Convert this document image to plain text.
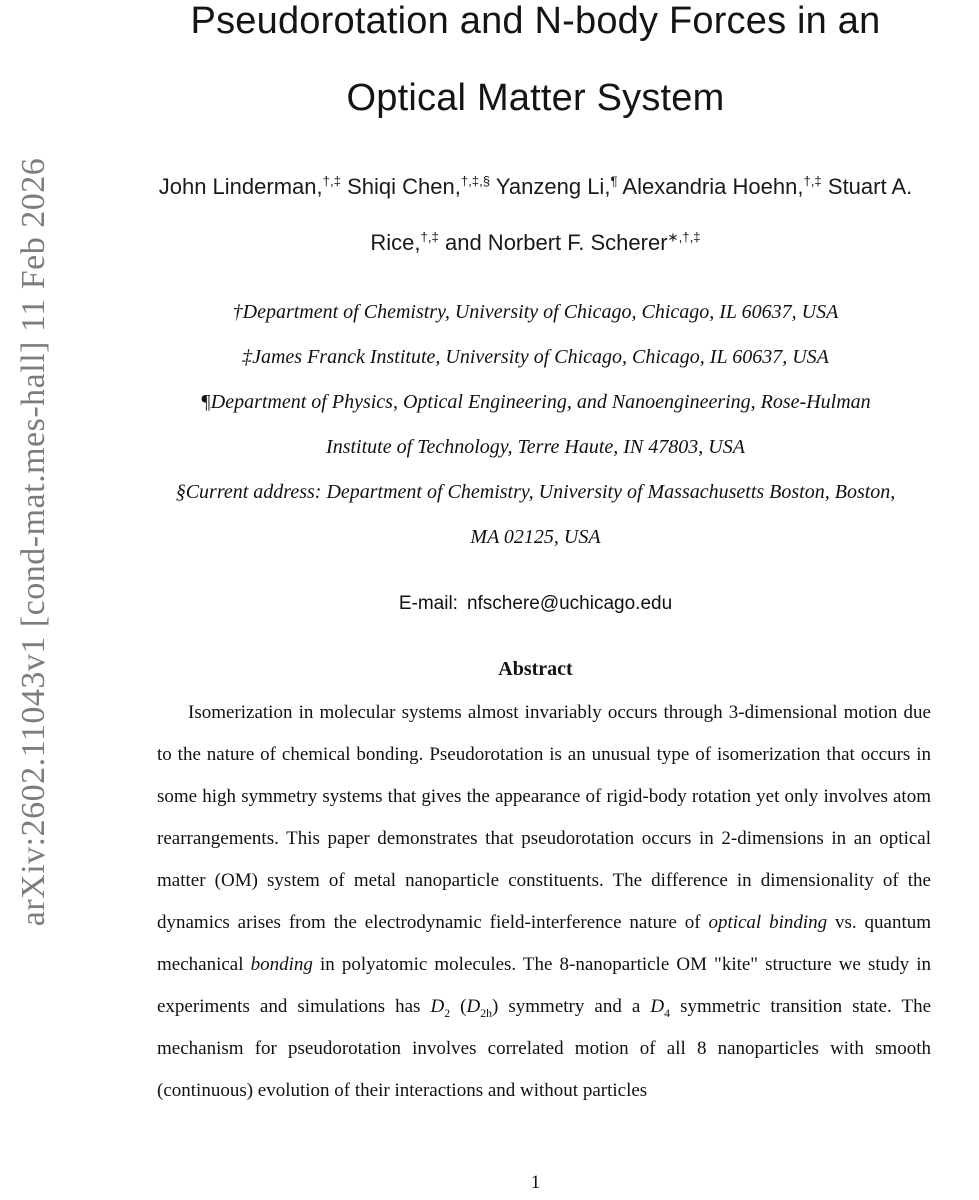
arXiv:2602.11043v1 [cond-mat.mes-hall] 11 Feb 2026
Pseudorotation and N-body Forces in an
Optical Matter System
John Linderman,†,‡ Shiqi Chen,†,‡,§ Yanzeng Li,¶ Alexandria Hoehn,†,‡ Stuart A.
Rice,†,‡ and Norbert F. Scherer∗,†,‡
†Department of Chemistry, University of Chicago, Chicago, IL 60637, USA
‡James Franck Institute, University of Chicago, Chicago, IL 60637, USA
¶Department of Physics, Optical Engineering, and Nanoengineering, Rose-Hulman
Institute of Technology, Terre Haute, IN 47803, USA
§Current address: Department of Chemistry, University of Massachusetts Boston, Boston,
MA 02125, USA
E-mail: nfschere@uchicago.edu
Abstract

Isomerization in molecular systems almost invariably occurs through 3-dimensional motion due to the nature of chemical bonding. Pseudorotation is an unusual type of isomerization that occurs in some high symmetry systems that gives the appearance of rigid-body rotation yet only involves atom rearrangements. This paper demonstrates that pseudorotation occurs in 2-dimensions in an optical matter (OM) system of metal nanoparticle constituents. The difference in dimensionality of the dynamics arises from the electrodynamic field-interference nature of optical binding vs. quantum mechanical bonding in polyatomic molecules. The 8-nanoparticle OM "kite" structure we study in experiments and simulations has $D_2$ $(D_{2h})$ symmetry and a $D_4$ symmetric transition state. The mechanism for pseudorotation involves correlated motion of all 8 nanoparticles with smooth (continuous) evolution of their interactions and without particles

1
